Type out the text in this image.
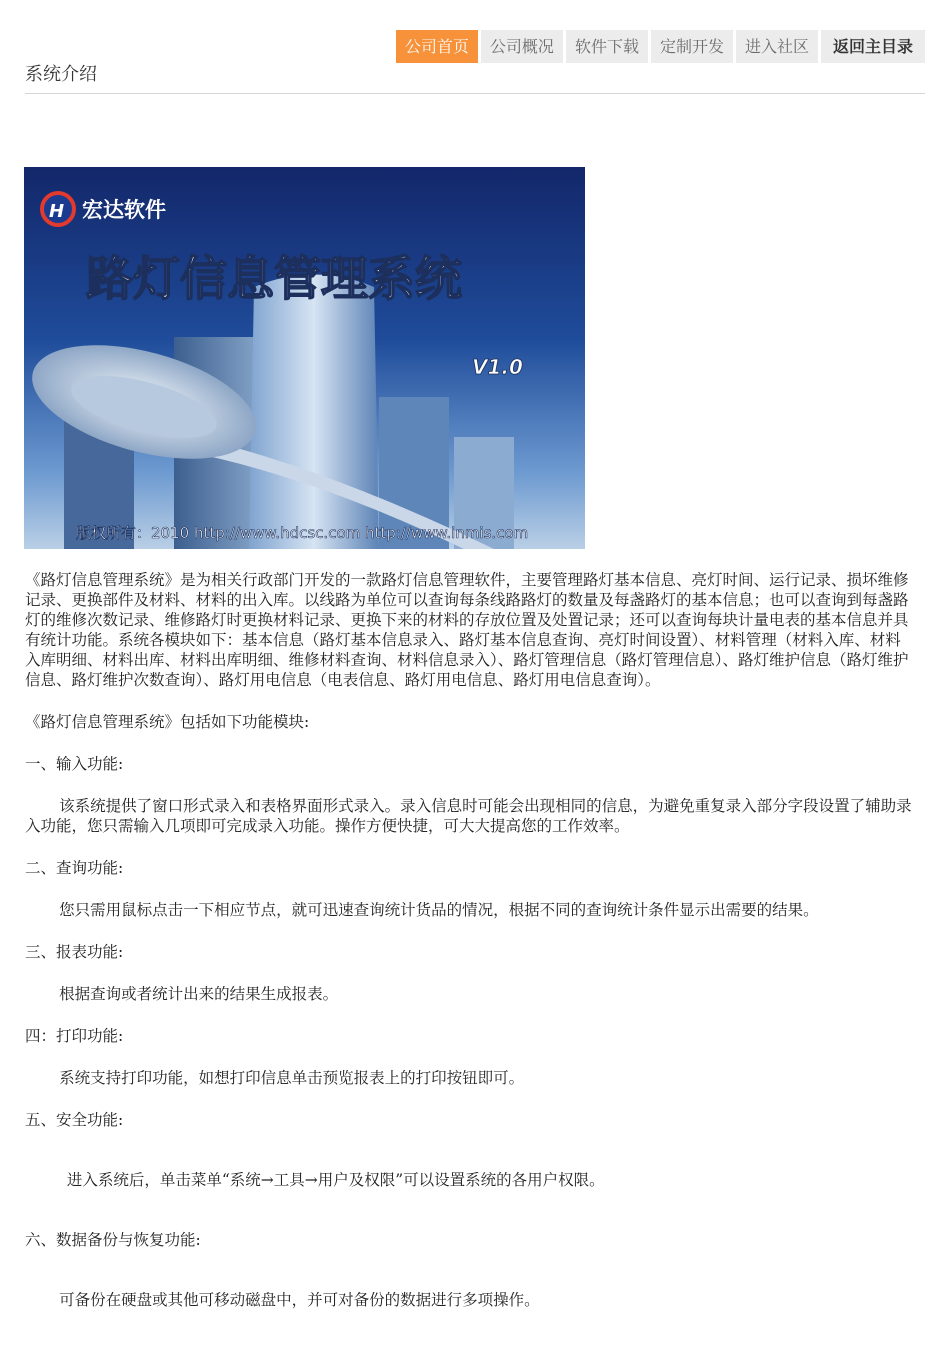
公司首页	公司概况	软件下载	定制开发	进入社区	返回主目录
系统介绍
H 宏达软件
路灯信息管理系统
V1.0
版权所有：2010 http://www.hdcsc.com http://www.inmis.com

《路灯信息管理系统》是为相关行政部门开发的一款路灯信息管理软件，主要管理路灯基本信息、亮灯时间、运行记录、损坏维修记录、更换部件及材料、材料的出入库。以线路为单位可以查询每条线路路灯的数量及每盏路灯的基本信息；也可以查询到每盏路灯的维修次数记录、维修路灯时更换材料记录、更换下来的材料的存放位置及处置记录；还可以查询每块计量电表的基本信息并具有统计功能。系统各模块如下：基本信息（路灯基本信息录入、路灯基本信息查询、亮灯时间设置）、材料管理（材料入库、材料入库明细、材料出库、材料出库明细、维修材料查询、材料信息录入）、路灯管理信息（路灯管理信息）、路灯维护信息（路灯维护信息、路灯维护次数查询）、路灯用电信息（电表信息、路灯用电信息、路灯用电信息查询）。

《路灯信息管理系统》包括如下功能模块:

一、输入功能:

该系统提供了窗口形式录入和表格界面形式录入。录入信息时可能会出现相同的信息，为避免重复录入部分字段设置了辅助录入功能，您只需输入几项即可完成录入功能。操作方便快捷，可大大提高您的工作效率。

二、查询功能:

您只需用鼠标点击一下相应节点，就可迅速查询统计货品的情况，根据不同的查询统计条件显示出需要的结果。

三、报表功能:

根据查询或者统计出来的结果生成报表。

四：打印功能:

系统支持打印功能，如想打印信息单击预览报表上的打印按钮即可。

五、安全功能:

进入系统后，单击菜单“系统→工具→用户及权限”可以设置系统的各用户权限。

六、数据备份与恢复功能:

可备份在硬盘或其他可移动磁盘中，并可对备份的数据进行多项操作。
